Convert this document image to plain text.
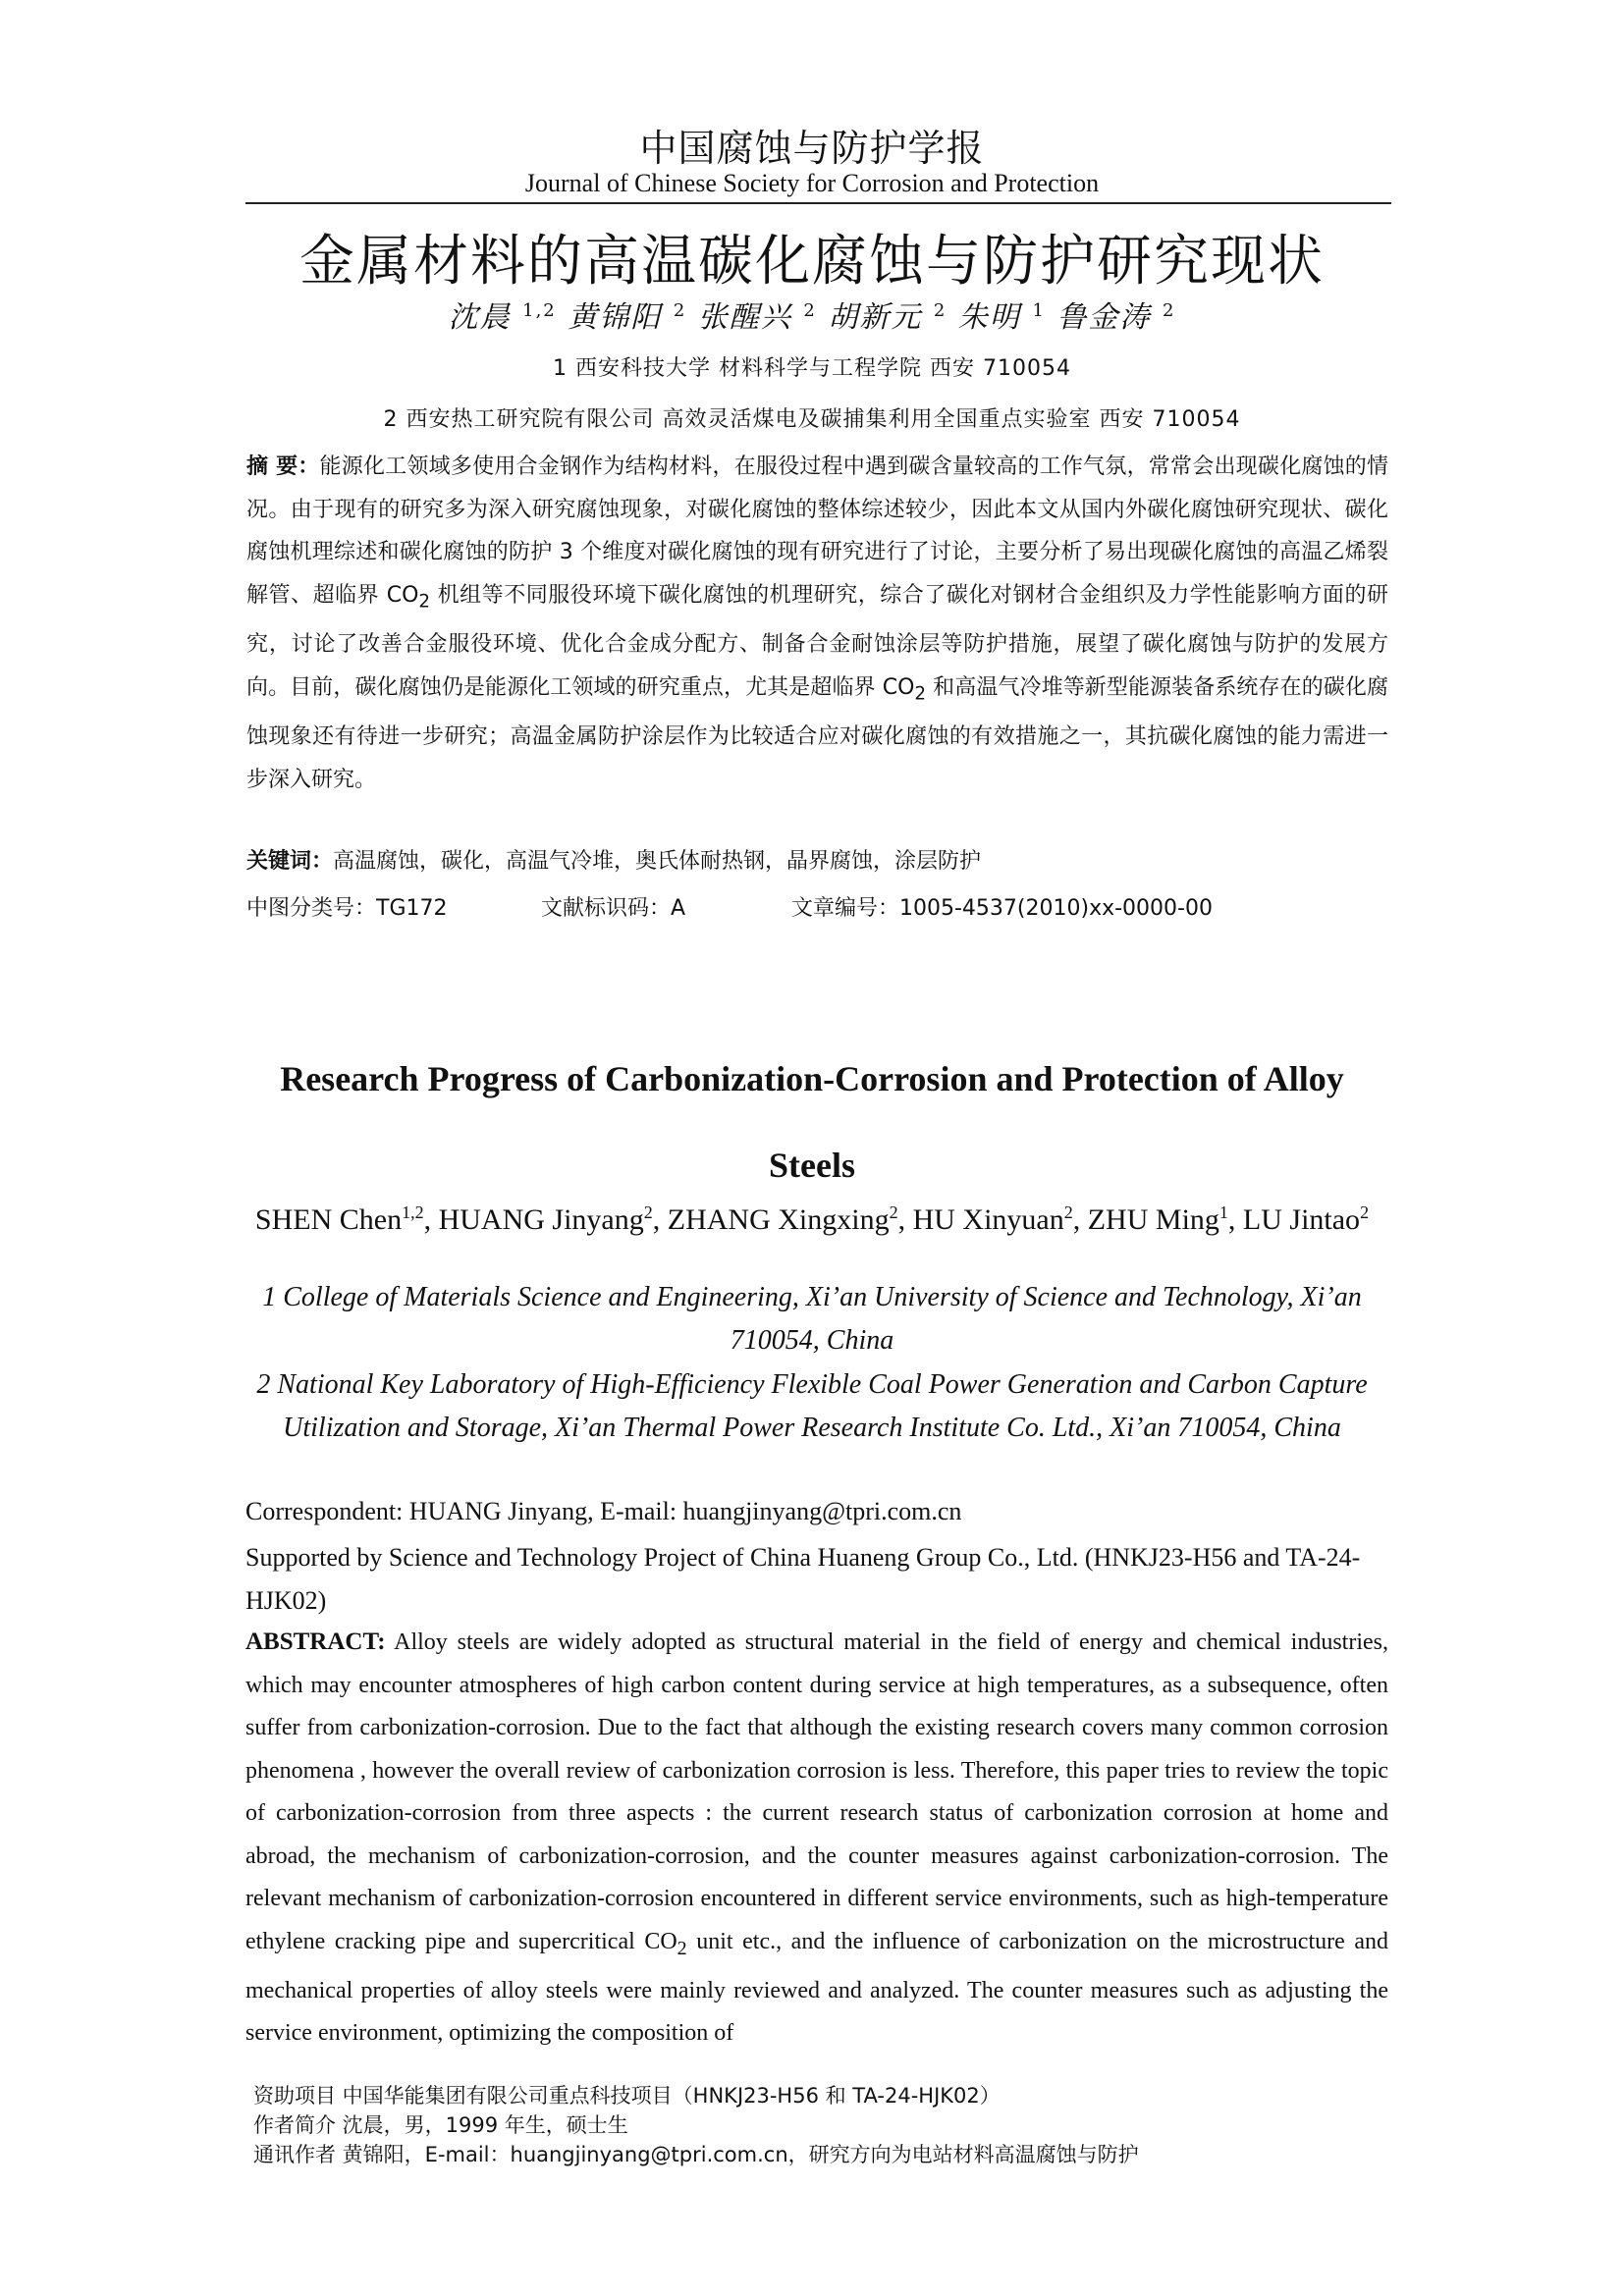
中国腐蚀与防护学报
Journal of Chinese Society for Corrosion and Protection
金属材料的高温碳化腐蚀与防护研究现状
沈晨 $^{1,2}$ 黄锦阳 $^2$ 张醒兴 $^2$ 胡新元 $^2$ 朱明 $^1$ 鲁金涛 $^2$
1 西安科技大学 材料科学与工程学院 西安 710054
2 西安热工研究院有限公司 高效灵活煤电及碳捕集利用全国重点实验室 西安 710054
摘 要：能源化工领域多使用合金钢作为结构材料，在服役过程中遇到碳含量较高的工作气氛，常常会出现碳化腐蚀的情况。由于现有的研究多为深入研究腐蚀现象，对碳化腐蚀的整体综述较少，因此本文从国内外碳化腐蚀研究现状、碳化腐蚀机理综述和碳化腐蚀的防护 3 个维度对碳化腐蚀的现有研究进行了讨论，主要分析了易出现碳化腐蚀的高温乙烯裂解管、超临界 $CO_2$ 机组等不同服役环境下碳化腐蚀的机理研究，综合了碳化对钢材合金组织及力学性能影响方面的研究，讨论了改善合金服役环境、优化合金成分配方、制备合金耐蚀涂层等防护措施，展望了碳化腐蚀与防护的发展方向。目前，碳化腐蚀仍是能源化工领域的研究重点，尤其是超临界 $CO_2$ 和高温气冷堆等新型能源装备系统存在的碳化腐蚀现象还有待进一步研究；高温金属防护涂层作为比较适合应对碳化腐蚀的有效措施之一，其抗碳化腐蚀的能力需进一步深入研究。
关键词：高温腐蚀，碳化，高温气冷堆，奥氏体耐热钢，晶界腐蚀，涂层防护
中图分类号：TG172	文献标识码：A	文章编号：1005-4537(2010)xx-0000-00
Research Progress of Carbonization-Corrosion and Protection of Alloy Steels
SHEN Chen$^{1,2}$, HUANG Jinyang$^2$, ZHANG Xingxing$^2$, HU Xinyuan$^2$, ZHU Ming$^1$, LU Jintao$^2$
1 College of Materials Science and Engineering, Xi’an University of Science and Technology, Xi’an 710054, China
2 National Key Laboratory of High-Efficiency Flexible Coal Power Generation and Carbon Capture Utilization and Storage, Xi’an Thermal Power Research Institute Co. Ltd., Xi’an 710054, China
Correspondent: HUANG Jinyang, E-mail: huangjinyang@tpri.com.cn
Supported by Science and Technology Project of China Huaneng Group Co., Ltd. (HNKJ23-H56 and TA-24-HJK02)
ABSTRACT: Alloy steels are widely adopted as structural material in the field of energy and chemical industries, which may encounter atmospheres of high carbon content during service at high temperatures, as a subsequence, often suffer from carbonization-corrosion. Due to the fact that although the existing research covers many common corrosion phenomena , however the overall review of carbonization corrosion is less. Therefore, this paper tries to review the topic of carbonization-corrosion from three aspects : the current research status of carbonization corrosion at home and abroad, the mechanism of carbonization-corrosion, and the counter measures against carbonization-corrosion. The relevant mechanism of carbonization-corrosion encountered in different service environments, such as high-temperature ethylene cracking pipe and supercritical $CO_2$ unit etc., and the influence of carbonization on the microstructure and mechanical properties of alloy steels were mainly reviewed and analyzed. The counter measures such as adjusting the service environment, optimizing the composition of
资助项目 中国华能集团有限公司重点科技项目（HNKJ23-H56 和 TA-24-HJK02）
作者简介 沈晨，男，1999 年生，硕士生
通讯作者 黄锦阳，E-mail：huangjinyang@tpri.com.cn，研究方向为电站材料高温腐蚀与防护
